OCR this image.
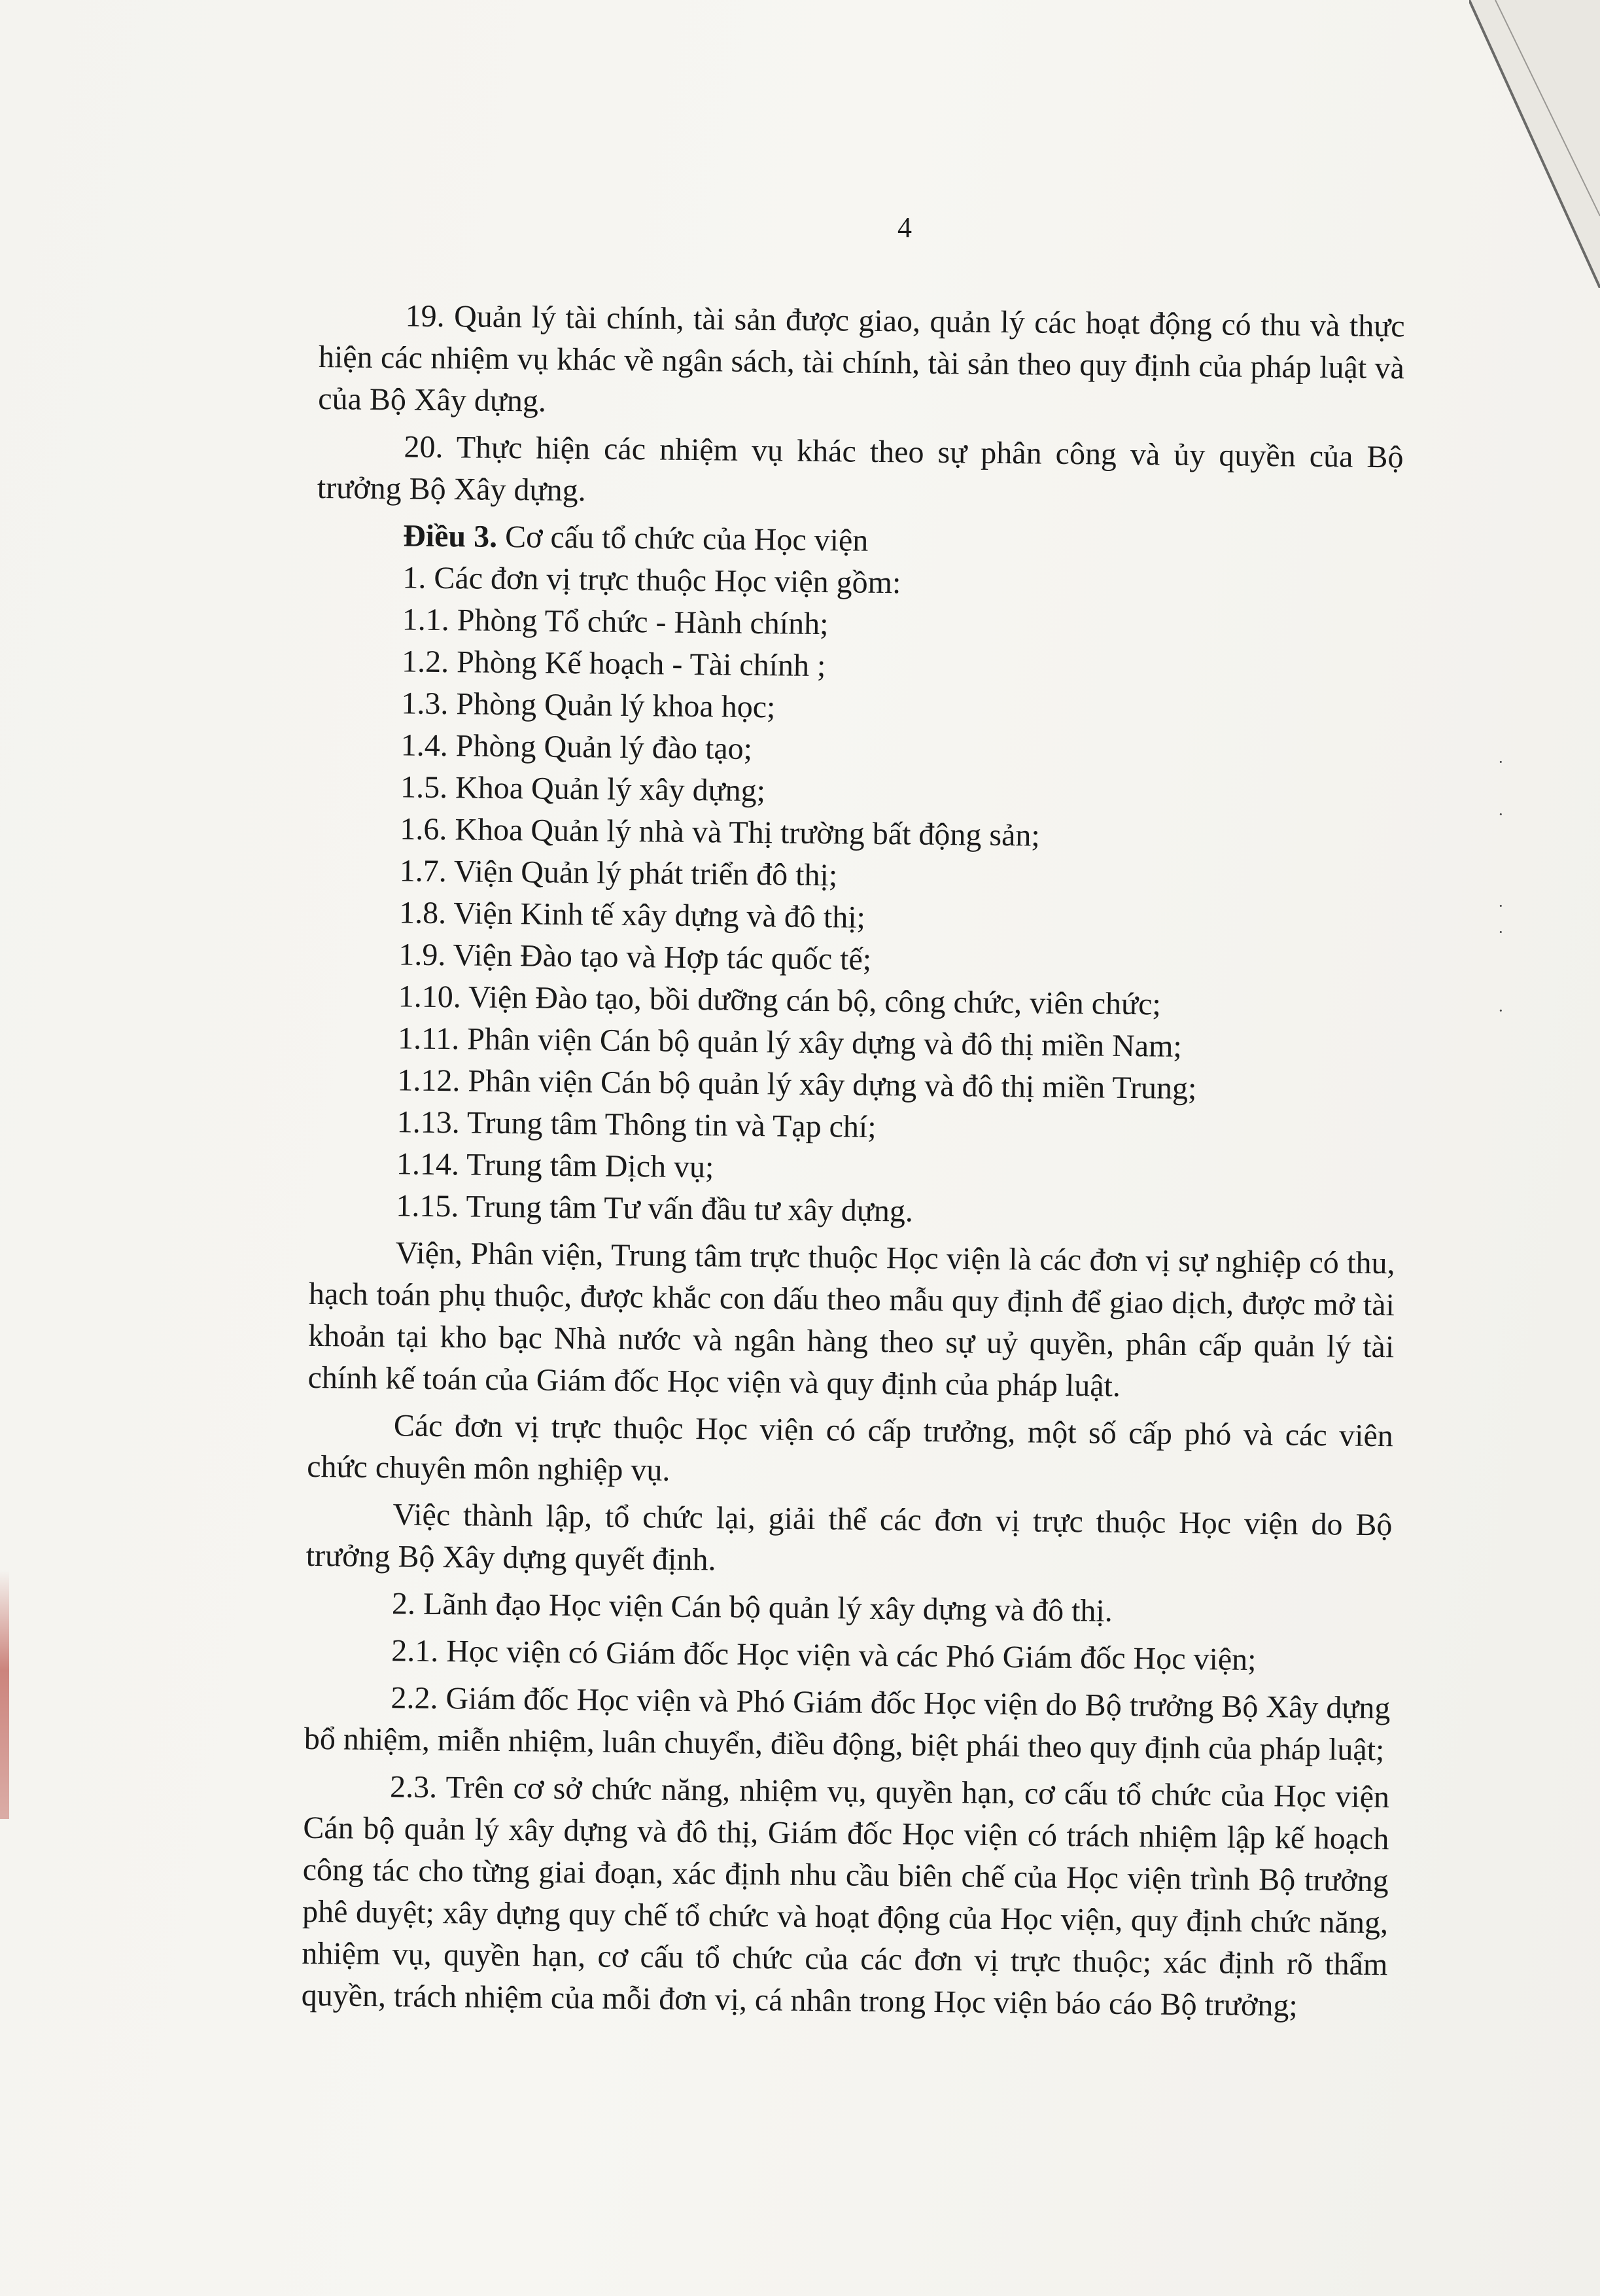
4

19. Quản lý tài chính, tài sản được giao, quản lý các hoạt động có thu và thực hiện các nhiệm vụ khác về ngân sách, tài chính, tài sản theo quy định của pháp luật và của Bộ Xây dựng.

20. Thực hiện các nhiệm vụ khác theo sự phân công và ủy quyền của Bộ trưởng Bộ Xây dựng.

Điều 3. Cơ cấu tổ chức của Học viện

1. Các đơn vị trực thuộc Học viện gồm:

1.1. Phòng Tổ chức - Hành chính;

1.2. Phòng Kế hoạch - Tài chính ;

1.3. Phòng Quản lý khoa học;

1.4. Phòng Quản lý đào tạo;

1.5. Khoa Quản lý xây dựng;

1.6. Khoa Quản lý nhà và Thị trường bất động sản;

1.7. Viện Quản lý phát triển đô thị;

1.8. Viện Kinh tế xây dựng và đô thị;

1.9. Viện Đào tạo và Hợp tác quốc tế;

1.10. Viện Đào tạo, bồi dưỡng cán bộ, công chức, viên chức;

1.11. Phân viện Cán bộ quản lý xây dựng và đô thị miền Nam;

1.12. Phân viện Cán bộ quản lý xây dựng và đô thị miền Trung;

1.13. Trung tâm Thông tin và Tạp chí;

1.14. Trung tâm Dịch vụ;

1.15. Trung tâm Tư vấn đầu tư xây dựng.

Viện, Phân viện, Trung tâm trực thuộc Học viện là các đơn vị sự nghiệp có thu, hạch toán phụ thuộc, được khắc con dấu theo mẫu quy định để giao dịch, được mở tài khoản tại kho bạc Nhà nước và ngân hàng theo sự uỷ quyền, phân cấp quản lý tài chính kế toán của Giám đốc Học viện và quy định của pháp luật.

Các đơn vị trực thuộc Học viện có cấp trưởng, một số cấp phó và các viên chức chuyên môn nghiệp vụ.

Việc thành lập, tổ chức lại, giải thể các đơn vị trực thuộc Học viện do Bộ trưởng Bộ Xây dựng quyết định.

2. Lãnh đạo Học viện Cán bộ quản lý xây dựng và đô thị.

2.1. Học viện có Giám đốc Học viện và các Phó Giám đốc Học viện;

2.2. Giám đốc Học viện và Phó Giám đốc Học viện do Bộ trưởng Bộ Xây dựng bổ nhiệm, miễn nhiệm, luân chuyển, điều động, biệt phái theo quy định của pháp luật;

2.3. Trên cơ sở chức năng, nhiệm vụ, quyền hạn, cơ cấu tổ chức của Học viện Cán bộ quản lý xây dựng và đô thị, Giám đốc Học viện có trách nhiệm lập kế hoạch công tác cho từng giai đoạn, xác định nhu cầu biên chế của Học viện trình Bộ trưởng phê duyệt; xây dựng quy chế tổ chức và hoạt động của Học viện, quy định chức năng, nhiệm vụ, quyền hạn, cơ cấu tổ chức của các đơn vị trực thuộc; xác định rõ thẩm quyền, trách nhiệm của mỗi đơn vị, cá nhân trong Học viện báo cáo Bộ trưởng;

·
·
·
·
·
